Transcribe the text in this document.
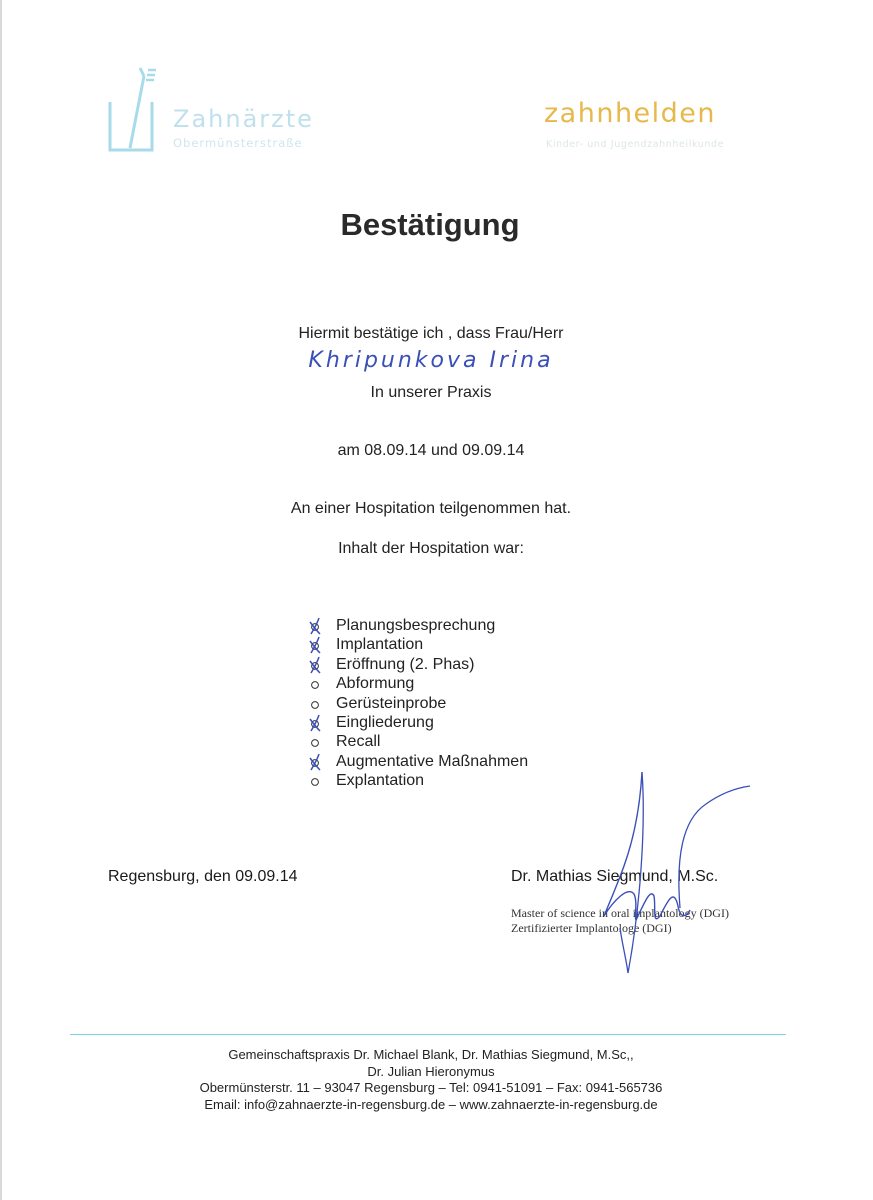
Zahnärzte
Obermünsterstraße
zahnhelden
Kinder- und Jugendzahnheilkunde
Bestätigung
Hiermit bestätige ich , dass Frau/Herr
Khripunkova Irina
In unserer Praxis
am 08.09.14 und 09.09.14
An einer Hospitation teilgenommen hat.
Inhalt der Hospitation war:
Planungsbesprechung
Implantation
Eröffnung (2. Phas)
Abformung
Gerüsteinprobe
Eingliederung
Recall
Augmentative Maßnahmen
Explantation
Regensburg, den 09.09.14	Dr. Mathias Siegmund, M.Sc.
Master of science in oral implantology (DGI)
Zertifizierter Implantologe (DGI)
Gemeinschaftspraxis Dr. Michael Blank, Dr. Mathias Siegmund, M.Sc,,
Dr. Julian Hieronymus
Obermünsterstr. 11 – 93047 Regensburg – Tel: 0941-51091 – Fax: 0941-565736
Email: info@zahnaerzte-in-regensburg.de – www.zahnaerzte-in-regensburg.de
